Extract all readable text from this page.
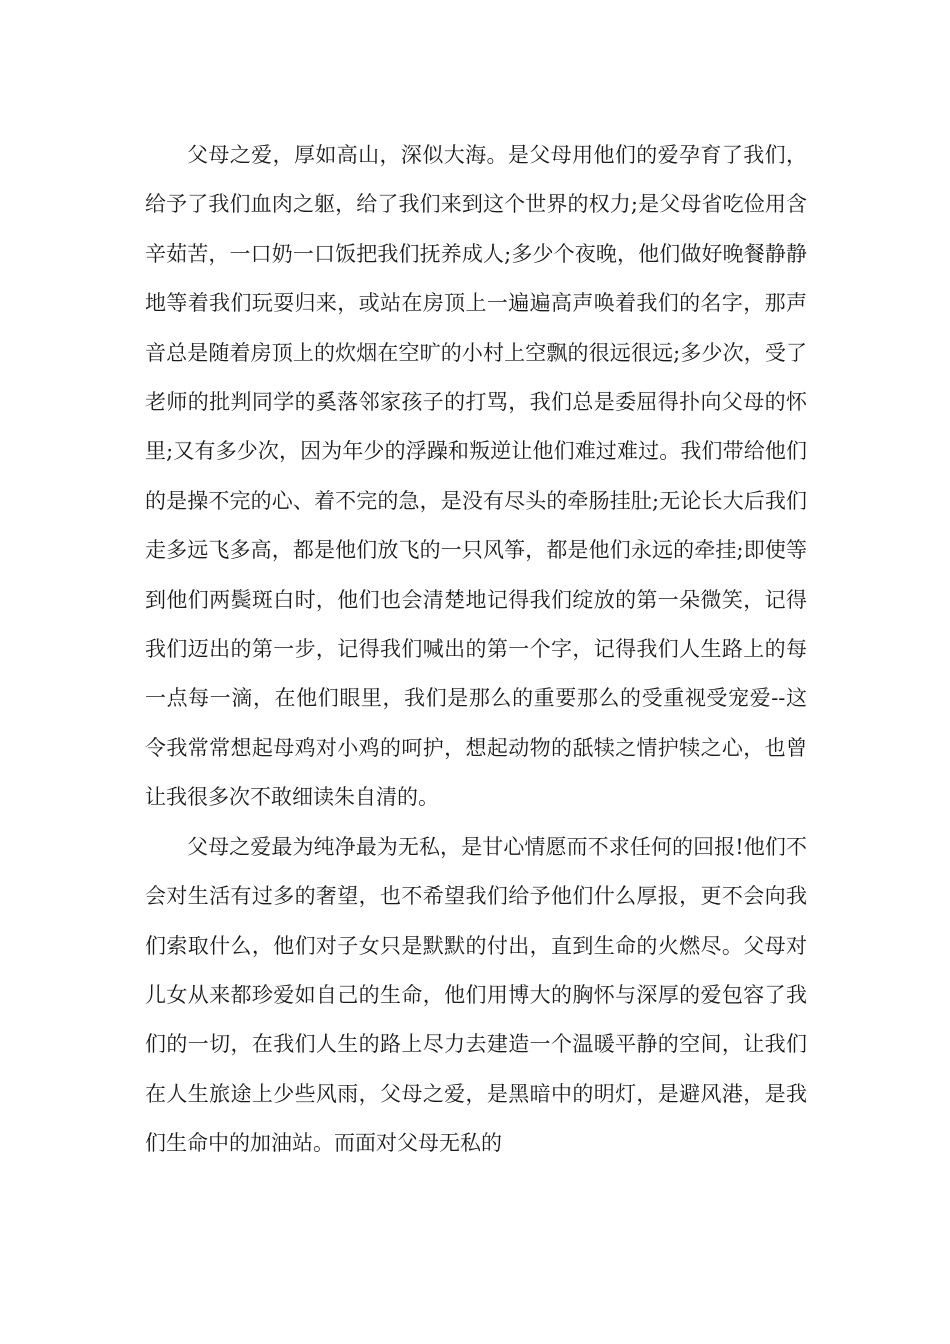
父母之爱，厚如高山，深似大海。是父母用他们的爱孕育了我们，给予了我们血肉之躯，给了我们来到这个世界的权力;是父母省吃俭用含辛茹苦，一口奶一口饭把我们抚养成人;多少个夜晚，他们做好晚餐静静地等着我们玩耍归来，或站在房顶上一遍遍高声唤着我们的名字，那声音总是随着房顶上的炊烟在空旷的小村上空飘的很远很远;多少次，受了老师的批判同学的奚落邻家孩子的打骂，我们总是委屈得扑向父母的怀里;又有多少次，因为年少的浮躁和叛逆让他们难过难过。我们带给他们的是操不完的心、着不完的急，是没有尽头的牵肠挂肚;无论长大后我们走多远飞多高，都是他们放飞的一只风筝，都是他们永远的牵挂;即使等到他们两鬓斑白时，他们也会清楚地记得我们绽放的第一朵微笑，记得我们迈出的第一步，记得我们喊出的第一个字，记得我们人生路上的每一点每一滴，在他们眼里，我们是那么的重要那么的受重视受宠爱--这令我常常想起母鸡对小鸡的呵护，想起动物的舐犊之情护犊之心，也曾让我很多次不敢细读朱自清的。

父母之爱最为纯净最为无私，是甘心情愿而不求任何的回报!他们不会对生活有过多的奢望，也不希望我们给予他们什么厚报，更不会向我们索取什么，他们对子女只是默默的付出，直到生命的火燃尽。父母对儿女从来都珍爱如自己的生命，他们用博大的胸怀与深厚的爱包容了我们的一切，在我们人生的路上尽力去建造一个温暖平静的空间，让我们在人生旅途上少些风雨，父母之爱，是黑暗中的明灯，是避风港，是我们生命中的加油站。而面对父母无私的
